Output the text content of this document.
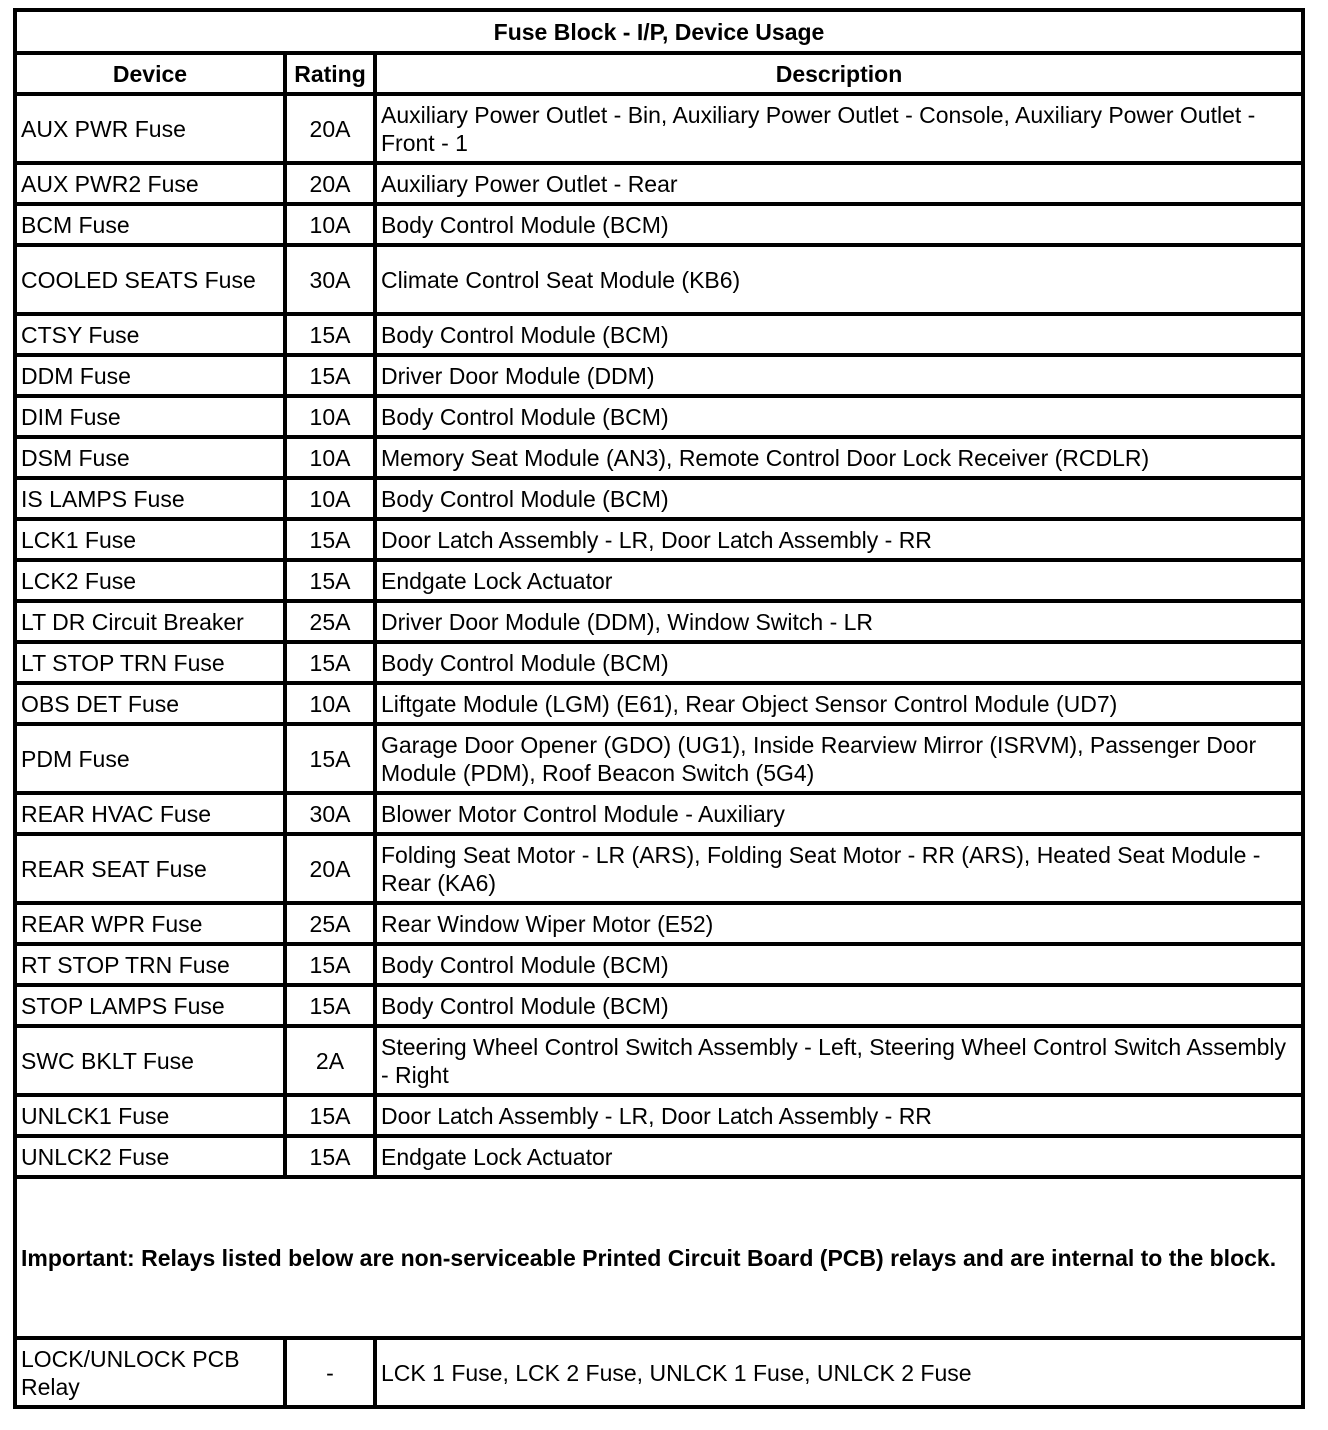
Fuse Block - I/P, Device Usage		
Device	Rating	Description
AUX PWR Fuse	20A	Auxiliary Power Outlet - Bin, Auxiliary Power Outlet - Console, Auxiliary Power Outlet - Front - 1
AUX PWR2 Fuse	20A	Auxiliary Power Outlet - Rear
BCM Fuse	10A	Body Control Module (BCM)
COOLED SEATS Fuse	30A	Climate Control Seat Module (KB6)
CTSY Fuse	15A	Body Control Module (BCM)
DDM Fuse	15A	Driver Door Module (DDM)
DIM Fuse	10A	Body Control Module (BCM)
DSM Fuse	10A	Memory Seat Module (AN3), Remote Control Door Lock Receiver (RCDLR)
IS LAMPS Fuse	10A	Body Control Module (BCM)
LCK1 Fuse	15A	Door Latch Assembly - LR, Door Latch Assembly - RR
LCK2 Fuse	15A	Endgate Lock Actuator
LT DR Circuit Breaker	25A	Driver Door Module (DDM), Window Switch - LR
LT STOP TRN Fuse	15A	Body Control Module (BCM)
OBS DET Fuse	10A	Liftgate Module (LGM) (E61), Rear Object Sensor Control Module (UD7)
PDM Fuse	15A	Garage Door Opener (GDO) (UG1), Inside Rearview Mirror (ISRVM), Passenger Door Module (PDM), Roof Beacon Switch (5G4)
REAR HVAC Fuse	30A	Blower Motor Control Module - Auxiliary
REAR SEAT Fuse	20A	Folding Seat Motor - LR (ARS), Folding Seat Motor - RR (ARS), Heated Seat Module - Rear (KA6)
REAR WPR Fuse	25A	Rear Window Wiper Motor (E52)
RT STOP TRN Fuse	15A	Body Control Module (BCM)
STOP LAMPS Fuse	15A	Body Control Module (BCM)
SWC BKLT Fuse	2A	Steering Wheel Control Switch Assembly - Left, Steering Wheel Control Switch Assembly - Right
UNLCK1 Fuse	15A	Door Latch Assembly - LR, Door Latch Assembly - RR
UNLCK2 Fuse	15A	Endgate Lock Actuator
Important: Relays listed below are non-serviceable Printed Circuit Board (PCB) relays and are internal to the block.		
LOCK/UNLOCK PCB Relay	-	LCK 1 Fuse, LCK 2 Fuse, UNLCK 1 Fuse, UNLCK 2 Fuse
